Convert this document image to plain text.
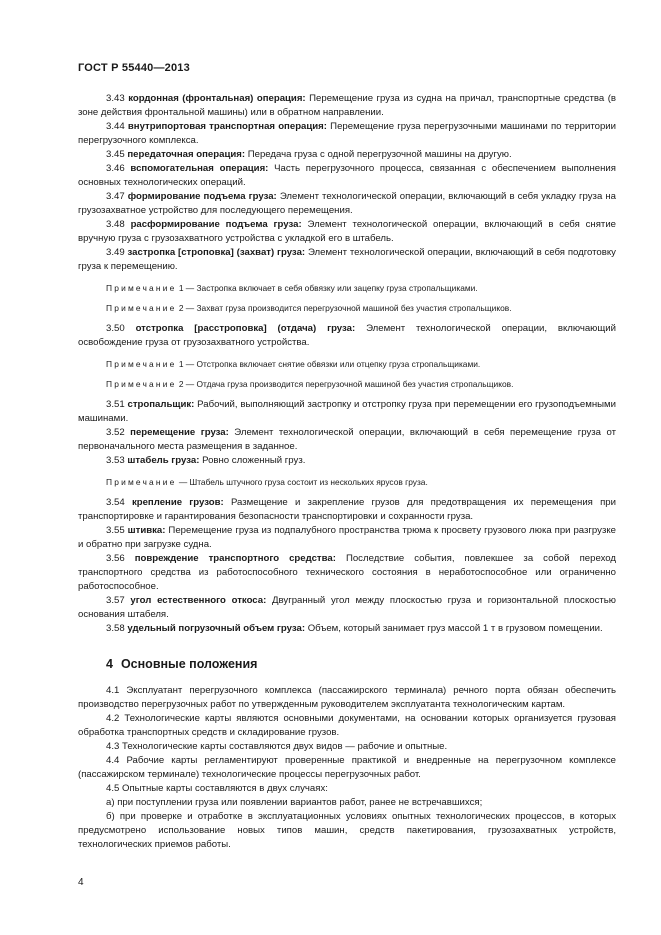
ГОСТ Р 55440—2013

3.43 кордонная (фронтальная) операция: Перемещение груза из судна на причал, транспортные средства (в зоне действия фронтальной машины) или в обратном направлении.

3.44 внутрипортовая транспортная операция: Перемещение груза перегрузочными машинами по территории перегрузочного комплекса.

3.45 передаточная операция: Передача груза с одной перегрузочной машины на другую.

3.46 вспомогательная операция: Часть перегрузочного процесса, связанная с обеспечением выполнения основных технологических операций.

3.47 формирование подъема груза: Элемент технологической операции, включающий в себя укладку груза на грузозахватное устройство для последующего перемещения.

3.48 расформирование подъема груза: Элемент технологической операции, включающий в себя снятие вручную груза с грузозахватного устройства с укладкой его в штабель.

3.49 застропка [строповка] (захват) груза: Элемент технологической операции, включающий в себя подготовку груза к перемещению.

Примечание 1 — Застропка включает в себя обвязку или зацепку груза стропальщиками.

Примечание 2 — Захват груза производится перегрузочной машиной без участия стропальщиков.

3.50 отстропка [расстроповка] (отдача) груза: Элемент технологической операции, включающий освобождение груза от грузозахватного устройства.

Примечание 1 — Отстропка включает снятие обвязки или отцепку груза стропальщиками.

Примечание 2 — Отдача груза производится перегрузочной машиной без участия стропальщиков.

3.51 стропальщик: Рабочий, выполняющий застропку и отстропку груза при перемещении его грузоподъемными машинами.

3.52 перемещение груза: Элемент технологической операции, включающий в себя перемещение груза от первоначального места размещения в заданное.

3.53 штабель груза: Ровно сложенный груз.

Примечание — Штабель штучного груза состоит из нескольких ярусов груза.

3.54 крепление грузов: Размещение и закрепление грузов для предотвращения их перемещения при транспортировке и гарантирования безопасности транспортировки и сохранности груза.

3.55 штивка: Перемещение груза из подпалубного пространства трюма к просвету грузового люка при разгрузке и обратно при загрузке судна.

3.56 повреждение транспортного средства: Последствие события, повлекшее за собой переход транспортного средства из работоспособного технического состояния в неработоспособное или ограниченно работоспособное.

3.57 угол естественного откоса: Двугранный угол между плоскостью груза и горизонтальной плоскостью основания штабеля.

3.58 удельный погрузочный объем груза: Объем, который занимает груз массой 1 т в грузовом помещении.

4 Основные положения

4.1 Эксплуатант перегрузочного комплекса (пассажирского терминала) речного порта обязан обеспечить производство перегрузочных работ по утвержденным руководителем эксплуатанта технологическим картам.

4.2 Технологические карты являются основными документами, на основании которых организуется грузовая обработка транспортных средств и складирование грузов.

4.3 Технологические карты составляются двух видов — рабочие и опытные.

4.4 Рабочие карты регламентируют проверенные практикой и внедренные на перегрузочном комплексе (пассажирском терминале) технологические процессы перегрузочных работ.

4.5 Опытные карты составляются в двух случаях:

а) при поступлении груза или появлении вариантов работ, ранее не встречавшихся;

б) при проверке и отработке в эксплуатационных условиях опытных технологических процессов, в которых предусмотрено использование новых типов машин, средств пакетирования, грузозахватных устройств, технологических приемов работы.

4
